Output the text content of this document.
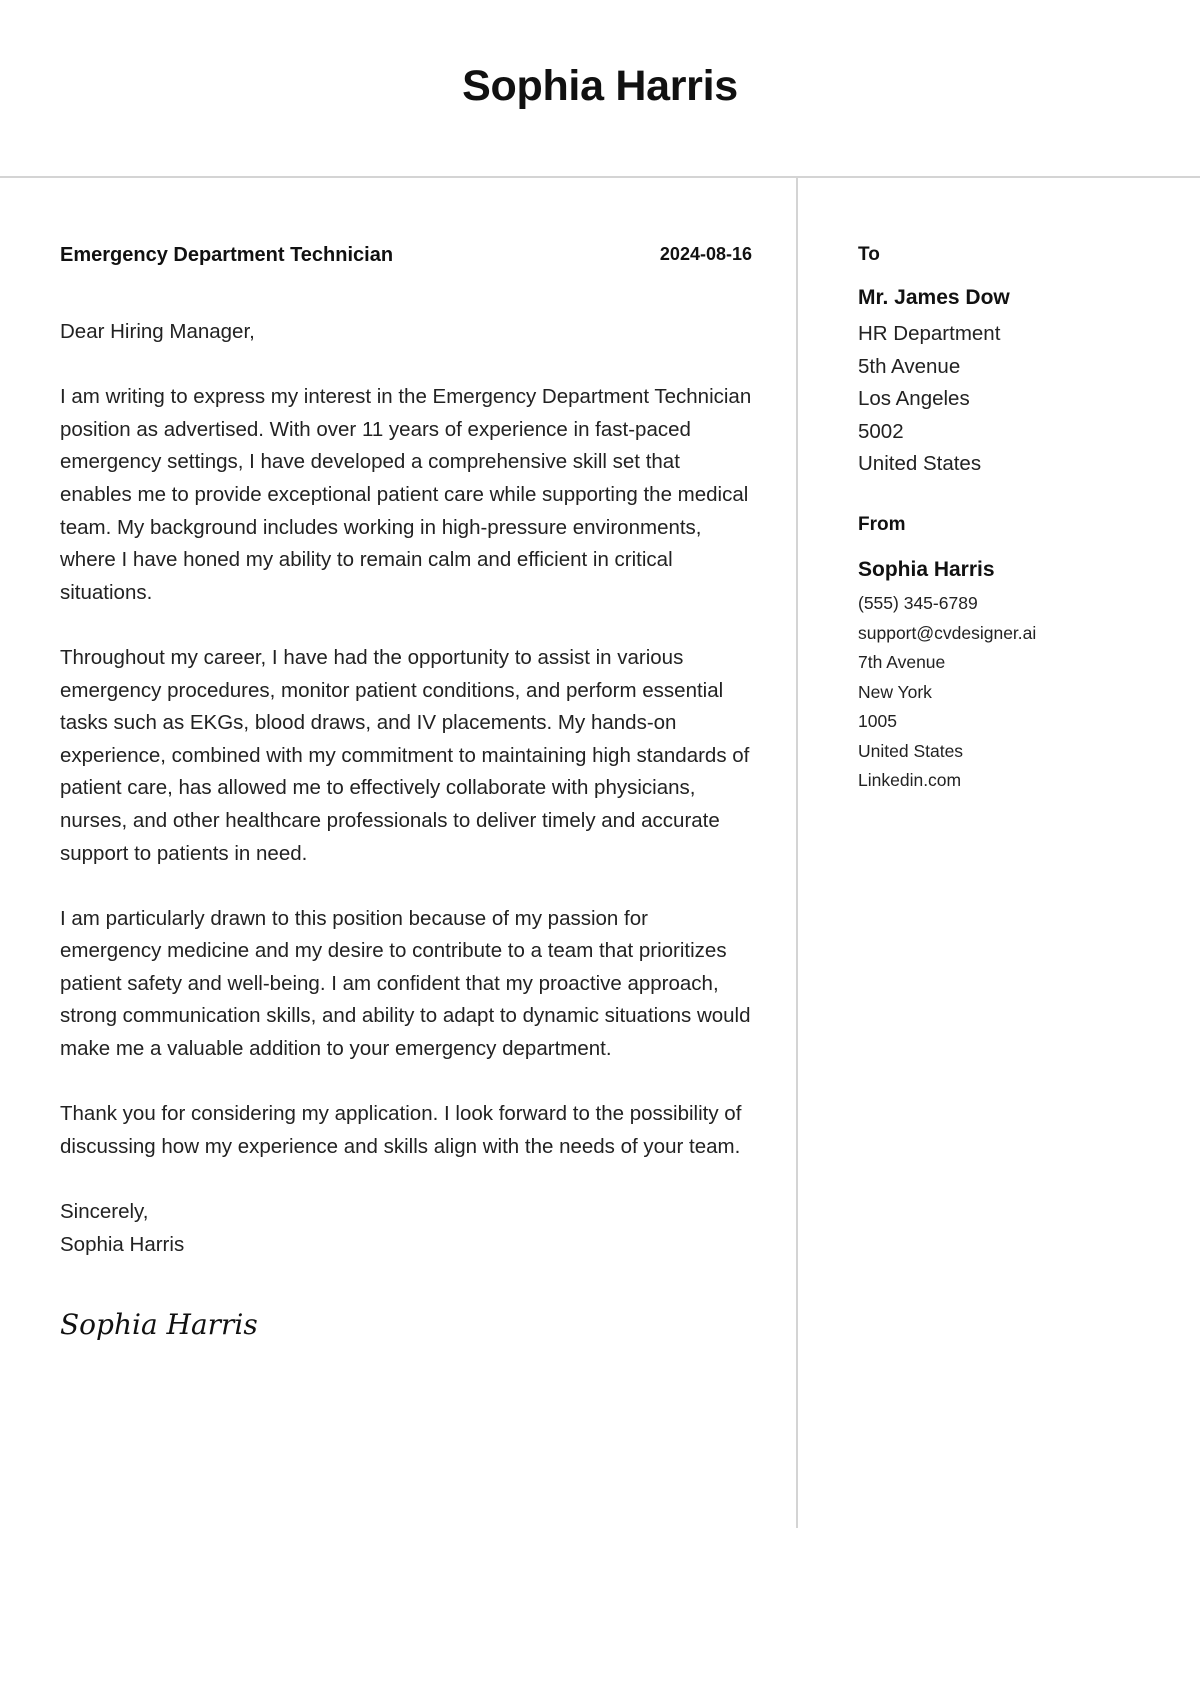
Sophia Harris
Emergency Department Technician	2024-08-16

Dear Hiring Manager,

I am writing to express my interest in the Emergency Department Technician position as advertised. With over 11 years of experience in fast-paced emergency settings, I have developed a comprehensive skill set that enables me to provide exceptional patient care while supporting the medical team. My background includes working in high-pressure environments, where I have honed my ability to remain calm and efficient in critical situations.

Throughout my career, I have had the opportunity to assist in various emergency procedures, monitor patient conditions, and perform essential tasks such as EKGs, blood draws, and IV placements. My hands-on experience, combined with my commitment to maintaining high standards of patient care, has allowed me to effectively collaborate with physicians, nurses, and other healthcare professionals to deliver timely and accurate support to patients in need.

I am particularly drawn to this position because of my passion for emergency medicine and my desire to contribute to a team that prioritizes patient safety and well-being. I am confident that my proactive approach, strong communication skills, and ability to adapt to dynamic situations would make me a valuable addition to your emergency department.

Thank you for considering my application. I look forward to the possibility of discussing how my experience and skills align with the needs of your team.

Sincerely,
Sophia Harris
Sophia Harris
To
Mr. James Dow
HR Department
5th Avenue
Los Angeles
5002
United States
From
Sophia Harris
(555) 345-6789
support@cvdesigner.ai
7th Avenue
New York
1005
United States
Linkedin.com
